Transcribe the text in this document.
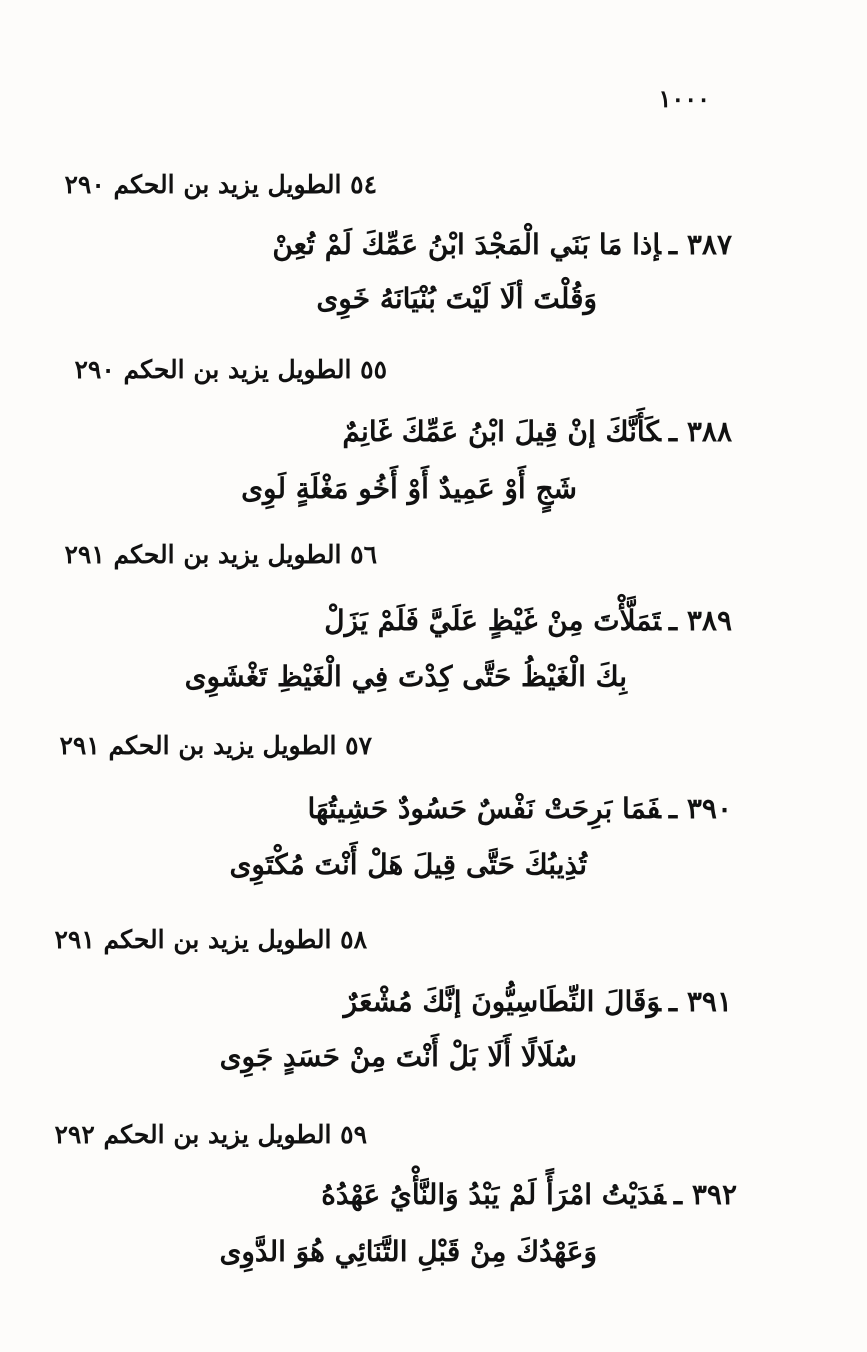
١٠٠٠
٥٤ الطويل يزيد بن الحكم ٢٩٠
٣٨٧ ـإذا مَا بَنَي الْمَجْدَ ابْنُ عَمِّكَ لَمْ تُعِنْ
وَقُلْتَ ألَا لَيْتَ بُنْيَانَهُ خَوِى
٥٥ الطويل يزيد بن الحكم ٢٩٠
٣٨٨ ـكَأَنَّكَ إنْ قِيلَ ابْنُ عَمِّكَ غَانِمٌ
شَجٍ أَوْ عَمِيدٌ أَوْ أَخُو مَغْلَةٍ لَوِى
٥٦ الطويل يزيد بن الحكم ٢٩١
٣٨٩ ـتَمَلَّأْتَ مِنْ غَيْظٍ عَلَيَّ فَلَمْ يَزَلْ
بِكَ الْغَيْظُ حَتَّى كِدْتَ فِي الْغَيْظِ تَغْشَوِى
٥٧ الطويل يزيد بن الحكم ٢٩١
٣٩٠ ـفَمَا بَرِحَتْ نَفْسٌ حَسُودٌ حَشِيتُهَا
تُذِيبُكَ حَتَّى قِيلَ هَلْ أَنْتَ مُكْتَوِى
٥٨ الطويل يزيد بن الحكم ٢٩١
٣٩١ ـوَقَالَ النِّطَاسِيُّونَ إنَّكَ مُشْعَرٌ
سُلَالًا أَلَا بَلْ أَنْتَ مِنْ حَسَدٍ جَوِى
٥٩ الطويل يزيد بن الحكم ٢٩٢
٣٩٢ ـفَدَيْتُ امْرَأً لَمْ يَبْدُ وَالنَّأْيُ عَهْدُهُ
وَعَهْدُكَ مِنْ قَبْلِ التَّنَائِي هُوَ الدَّوِى
